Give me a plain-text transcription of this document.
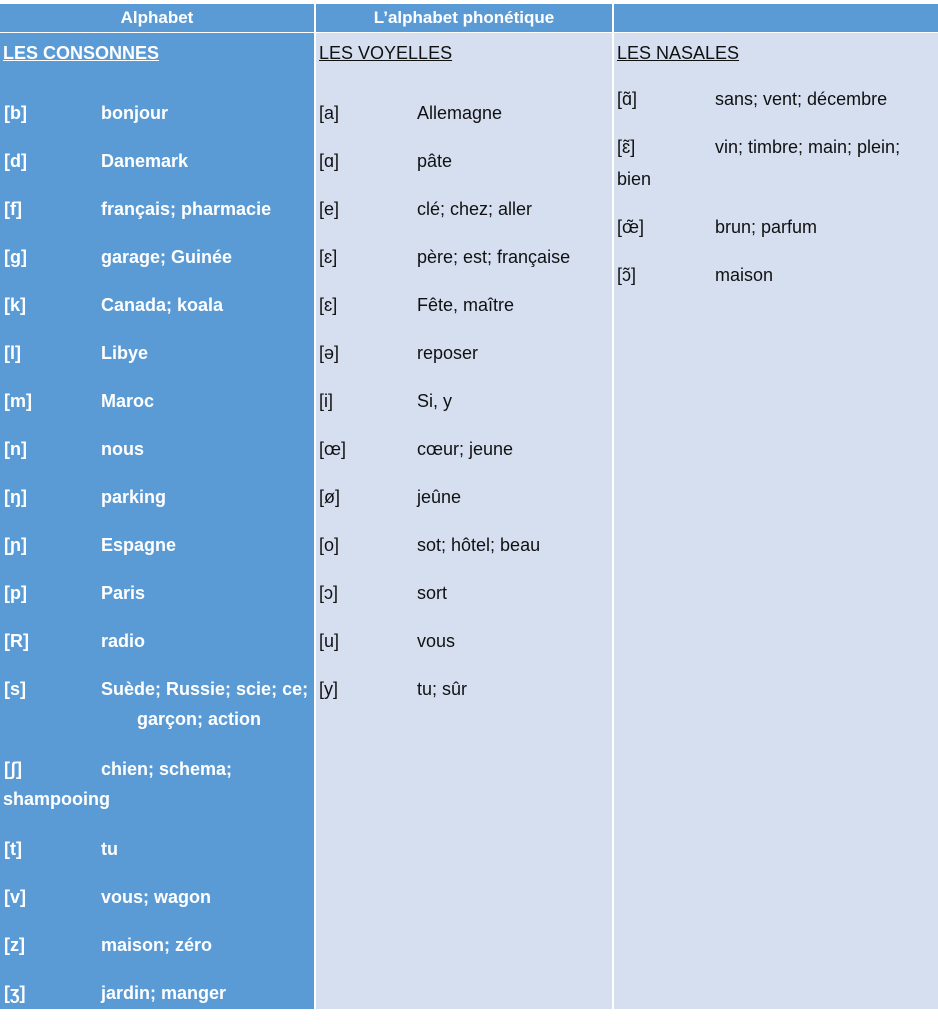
Alphabet	L’alphabet phonétique
LES CONSONNES
[b]	bonjour
[d]	Danemark
[f]	français; pharmacie
[g]	garage; Guinée
[k]	Canada; koala
[l]	Libye
[m]	Maroc
[n]	nous
[ŋ]	parking
[ɲ]	Espagne
[p]	Paris
[R]	radio
[s]	Suède; Russie; scie; ce;
garçon; action
[ʃ]	chien; schema;
shampooing
[t]	tu
[v]	vous; wagon
[z]	maison; zéro
[ʒ]	jardin; manger
LES VOYELLES
[a]	Allemagne
[ɑ]	pâte
[e]	clé; chez; aller
[ɛ]	père; est; française
[ɛ]	Fête, maître
[ə]	reposer
[i]	Si, y
[œ]	cœur; jeune
[ø]	jeûne
[o]	sot; hôtel; beau
[ɔ]	sort
[u]	vous
[y]	tu; sûr
LES NASALES
[ɑ̃]	sans; vent; décembre
[ɛ̃]	vin; timbre; main; plein;
bien
[œ̃]	brun; parfum
[ɔ̃]	maison
